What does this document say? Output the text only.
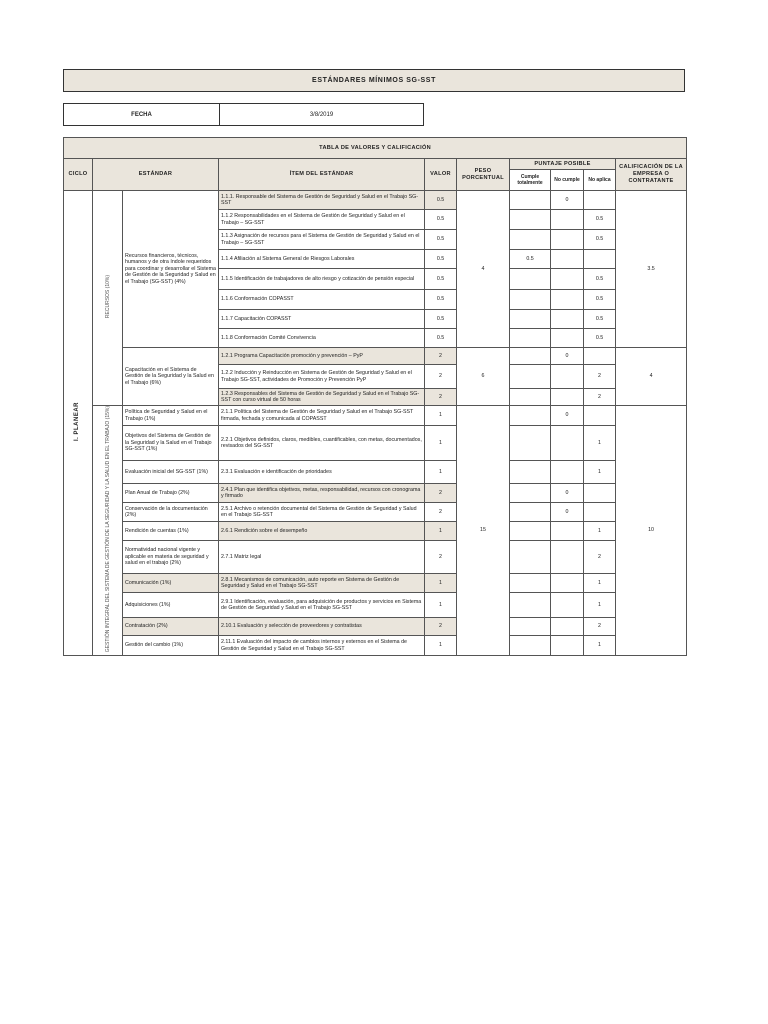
ESTÁNDARES MÍNIMOS SG-SST
FECHA	3/8/2019
TABLA DE VALORES Y CALIFICACIÓN									
CICLO	ESTÁNDAR		ÍTEM DEL ESTÁNDAR	VALOR	PESO PORCENTUAL	PUNTAJE POSIBLE			CALIFICACIÓN DE LA EMPRESA O CONTRATANTE
						Cumple totalmente	No cumple	No aplica	
I. PLANEAR	RECURSOS (10%)	Recursos financieros, técnicos, humanos y de otra índole requeridos para coordinar y desarrollar el Sistema de Gestión de la Seguridad y Salud en el Trabajo (SG-SST) (4%)	1.1.1. Responsable del Sistema de Gestión de Seguridad y Salud en el Trabajo SG-SST	0.5	4		0		3.5
			1.1.2 Responsabilidades en el Sistema de Gestión de Seguridad y Salud en el Trabajo – SG-SST	0.5				0.5	
			1.1.3 Asignación de recursos para el Sistema de Gestión de Seguridad y Salud en el Trabajo – SG-SST	0.5				0.5	
			1.1.4 Afiliación al Sistema General de Riesgos Laborales	0.5		0.5			
			1.1.5 Identificación de trabajadores de alto riesgo y cotización de pensión especial	0.5				0.5	
			1.1.6 Conformación COPASST	0.5				0.5	
			1.1.7 Capacitación COPASST	0.5				0.5	
			1.1.8 Conformación Comité Convivencia	0.5				0.5	
		Capacitación en el Sistema de Gestión de la Seguridad y la Salud en el Trabajo (6%)	1.2.1 Programa Capacitación promoción y prevención – PyP	2	6		0		4
			1.2.2 Inducción y Reinducción en Sistema de Gestión de Seguridad y Salud en el Trabajo SG-SST, actividades de Promoción y Prevención PyP	2				2	
			1.2.3 Responsables del Sistema de Gestión de Seguridad y Salud en el Trabajo SG-SST con curso virtual de 50 horas	2				2	
	GESTIÓN INTEGRAL DEL SISTEMA DE GESTIÓN DE LA SEGURIDAD Y LA SALUD EN EL TRABAJO (15%)	Política de Seguridad y Salud en el Trabajo (1%)	2.1.1 Política del Sistema de Gestión de Seguridad y Salud en el Trabajo SG-SST firmada, fechada y comunicada al COPASST	1	15		0		10
		Objetivos del Sistema de Gestión de la Seguridad y la Salud en el Trabajo SG-SST (1%)	2.2.1 Objetivos definidos, claros, medibles, cuantificables, con metas, documentados, revisados del SG-SST	1				1	
		Evaluación inicial del SG-SST (1%)	2.3.1 Evaluación e identificación de prioridades	1				1	
		Plan Anual de Trabajo (2%)	2.4.1 Plan que identifica objetivos, metas, responsabilidad, recursos con cronograma y firmado	2			0		
		Conservación de la documentación (2%)	2.5.1 Archivo o retención documental del Sistema de Gestión de Seguridad y Salud en el Trabajo SG-SST	2			0		
		Rendición de cuentas (1%)	2.6.1 Rendición sobre el desempeño	1				1	
		Normatividad nacional vigente y aplicable en materia de seguridad y salud en el trabajo (2%)	2.7.1 Matriz legal	2				2	
		Comunicación (1%)	2.8.1 Mecanismos de comunicación, auto reporte en Sistema de Gestión de Seguridad y Salud en el Trabajo SG-SST	1				1	
		Adquisiciones (1%)	2.9.1 Identificación, evaluación, para adquisición de productos y servicios en Sistema de Gestión de Seguridad y Salud en el Trabajo SG-SST	1				1	
		Contratación (2%)	2.10.1 Evaluación y selección de proveedores y contratistas	2				2	
		Gestión del cambio (1%)	2.11.1 Evaluación del impacto de cambios internos y externos en el Sistema de Gestión de Seguridad y Salud en el Trabajo SG-SST	1				1	
